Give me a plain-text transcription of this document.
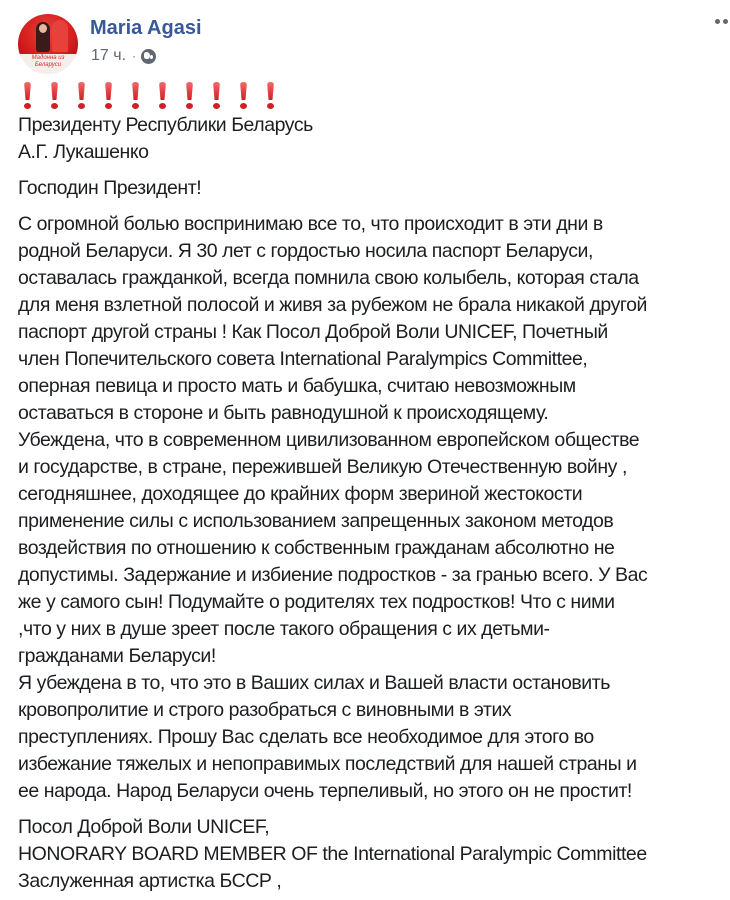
Мадонна из Беларуси
Maria Agasi
17 ч. ·

Президенту Республики Беларусь

А.Г. Лукашенко

Господин Президент!

С огромной болью воспринимаю все то, что происходит в эти дни в

родной Беларуси. Я 30 лет с гордостью носила паспорт Беларуси,

оставалась гражданкой, всегда помнила свою колыбель, которая стала

для меня взлетной полосой и живя за рубежом не брала никакой другой

паспорт другой страны ! Как Посол Доброй Воли UNICEF, Почетный

член Попечительского совета International Paralympics Committee,

оперная певица и просто мать и бабушка, считаю невозможным

оставаться в стороне и быть равнодушной к происходящему.

Убеждена, что в современном цивилизованном европейском обществе

и государстве, в стране, пережившей Великую Отечественную войну ,

сегодняшнее, доходящее до крайних форм звериной жестокости

применение силы с использованием запрещенных законом методов

воздействия по отношению к собственным гражданам абсолютно не

допустимы. Задержание и избиение подростков - за гранью всего. У Вас

же у самого сын! Подумайте о родителях тех подростков! Что с ними

,что у них в душе зреет после такого обращения с их детьми-

гражданами Беларуси!

Я убеждена в то, что это в Ваших силах и Вашей власти остановить

кровопролитие и строго разобраться с виновными в этих

преступлениях. Прошу Вас сделать все необходимое для этого во

избежание тяжелых и непоправимых последствий для нашей страны и

ее народа. Народ Беларуси очень терпеливый, но этого он не простит!

Посол Доброй Воли UNICEF,

HONORARY BOARD MEMBER OF the International Paralympic Committee

Заслуженная артистка БССР ,
